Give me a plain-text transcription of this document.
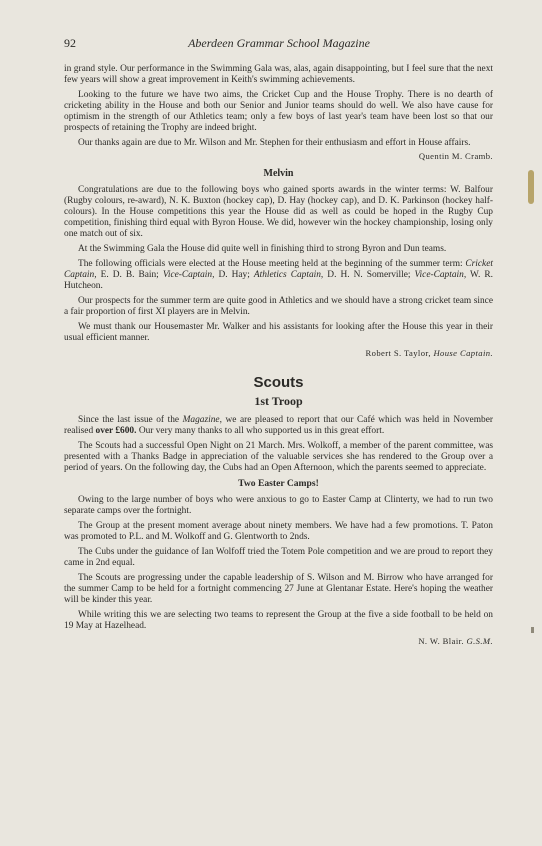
92	Aberdeen Grammar School Magazine

in grand style. Our performance in the Swimming Gala was, alas, again disappointing, but I feel sure that the next few years will show a great improvement in Keith's swimming achievements.

Looking to the future we have two aims, the Cricket Cup and the House Trophy. There is no dearth of cricketing ability in the House and both our Senior and Junior teams should do well. We also have cause for optimism in the strength of our Athletics team; only a few boys of last year's team have been lost so that our prospects of retaining the Trophy are indeed bright.

Our thanks again are due to Mr. Wilson and Mr. Stephen for their enthusiasm and effort in House affairs.

Quentin M. Cramb.
Melvin

Congratulations are due to the following boys who gained sports awards in the winter terms: W. Balfour (Rugby colours, re-award), N. K. Buxton (hockey cap), D. Hay (hockey cap), and D. K. Parkinson (hockey half-colours). In the House competitions this year the House did as well as could be hoped in the Rugby Cup competition, finishing third equal with Byron House. We did, however win the hockey championship, losing only one match out of six.

At the Swimming Gala the House did quite well in finishing third to strong Byron and Dun teams.

The following officials were elected at the House meeting held at the beginning of the summer term: Cricket Captain, E. D. B. Bain; Vice-Captain, D. Hay; Athletics Captain, D. H. N. Somerville; Vice-Captain, W. R. Hutcheon.

Our prospects for the summer term are quite good in Athletics and we should have a strong cricket team since a fair proportion of first XI players are in Melvin.

We must thank our Housemaster Mr. Walker and his assistants for looking after the House this year in their usual efficient manner.

Robert S. Taylor, House Captain.
Scouts
1st Troop

Since the last issue of the Magazine, we are pleased to report that our Café which was held in November realised over £600. Our very many thanks to all who supported us in this great effort.

The Scouts had a successful Open Night on 21 March. Mrs. Wolkoff, a member of the parent committee, was presented with a Thanks Badge in appreciation of the valuable services she has rendered to the Group over a period of years. On the following day, the Cubs had an Open Afternoon, which the parents seemed to appreciate.

Two Easter Camps!

Owing to the large number of boys who were anxious to go to Easter Camp at Clinterty, we had to run two separate camps over the fortnight.

The Group at the present moment average about ninety members. We have had a few promotions. T. Paton was promoted to P.L. and M. Wolkoff and G. Glentworth to 2nds.

The Cubs under the guidance of Ian Wolfoff tried the Totem Pole competition and we are proud to report they came in 2nd equal.

The Scouts are progressing under the capable leadership of S. Wilson and M. Birrow who have arranged for the summer Camp to be held for a fortnight commencing 27 June at Glentanar Estate. Here's hoping the weather will be kinder this year.

While writing this we are selecting two teams to represent the Group at the five a side football to be held on 19 May at Hazelhead.

N. W. Blair. G.S.M.
